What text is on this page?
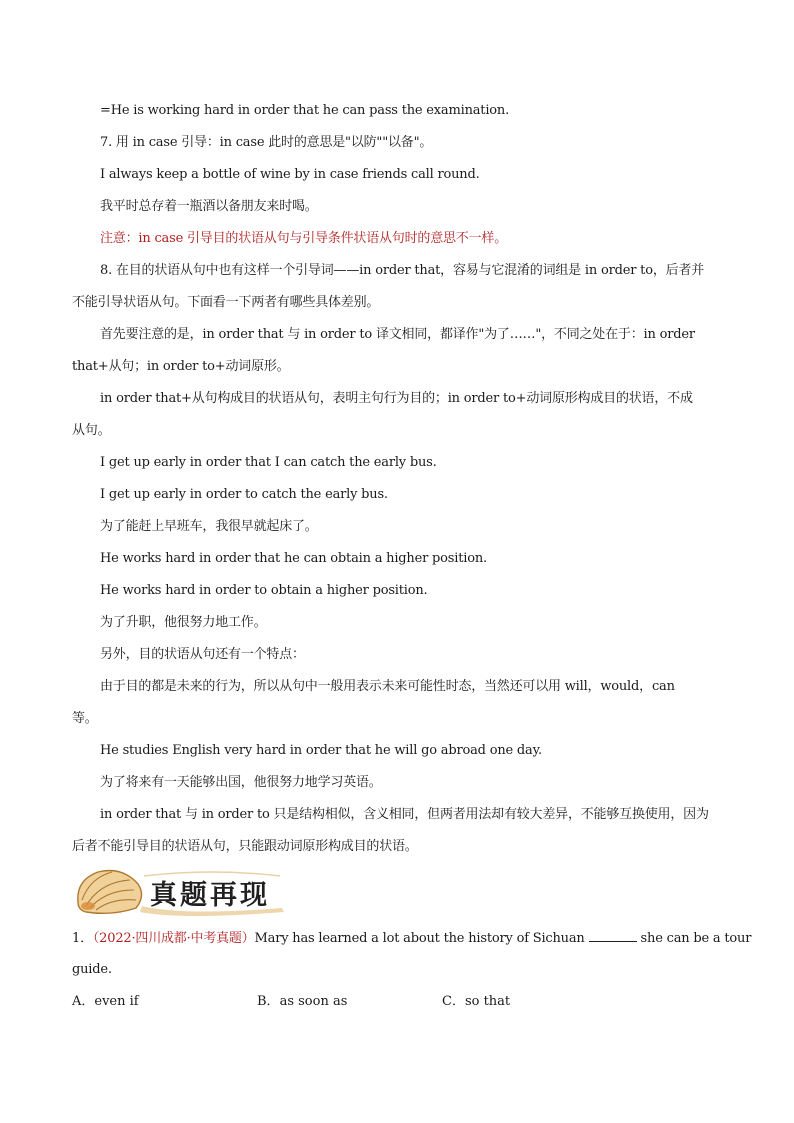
=He is working hard in order that he can pass the examination.
7. 用 in case 引导：in case 此时的意思是"以防""以备"。
I always keep a bottle of wine by in case friends call round.
我平时总存着一瓶酒以备朋友来时喝。
注意：in case 引导目的状语从句与引导条件状语从句时的意思不一样。
8. 在目的状语从句中也有这样一个引导词——in order that，容易与它混淆的词组是 in order to，后者并
不能引导状语从句。下面看一下两者有哪些具体差别。
首先要注意的是，in order that 与 in order to 译文相同，都译作"为了……"，不同之处在于：in order
that+从句；in order to+动词原形。
in order that+从句构成目的状语从句，表明主句行为目的；in order to+动词原形构成目的状语，不成
从句。
I get up early in order that I can catch the early bus.
I get up early in order to catch the early bus.
为了能赶上早班车，我很早就起床了。
He works hard in order that he can obtain a higher position.
He works hard in order to obtain a higher position.
为了升职，他很努力地工作。
另外，目的状语从句还有一个特点：
由于目的都是未来的行为，所以从句中一般用表示未来可能性时态，当然还可以用 will，would，can
等。
He studies English very hard in order that he will go abroad one day.
为了将来有一天能够出国，他很努力地学习英语。
in order that 与 in order to 只是结构相似，含义相同，但两者用法却有较大差异，不能够互换使用，因为
后者不能引导目的状语从句，只能跟动词原形构成目的状语。
真题再现
1．（2022·四川成都·中考真题）Mary has learned a lot about the history of Sichuan	she can be a tour
guide.
A．even if	B．as soon as	C．so that
